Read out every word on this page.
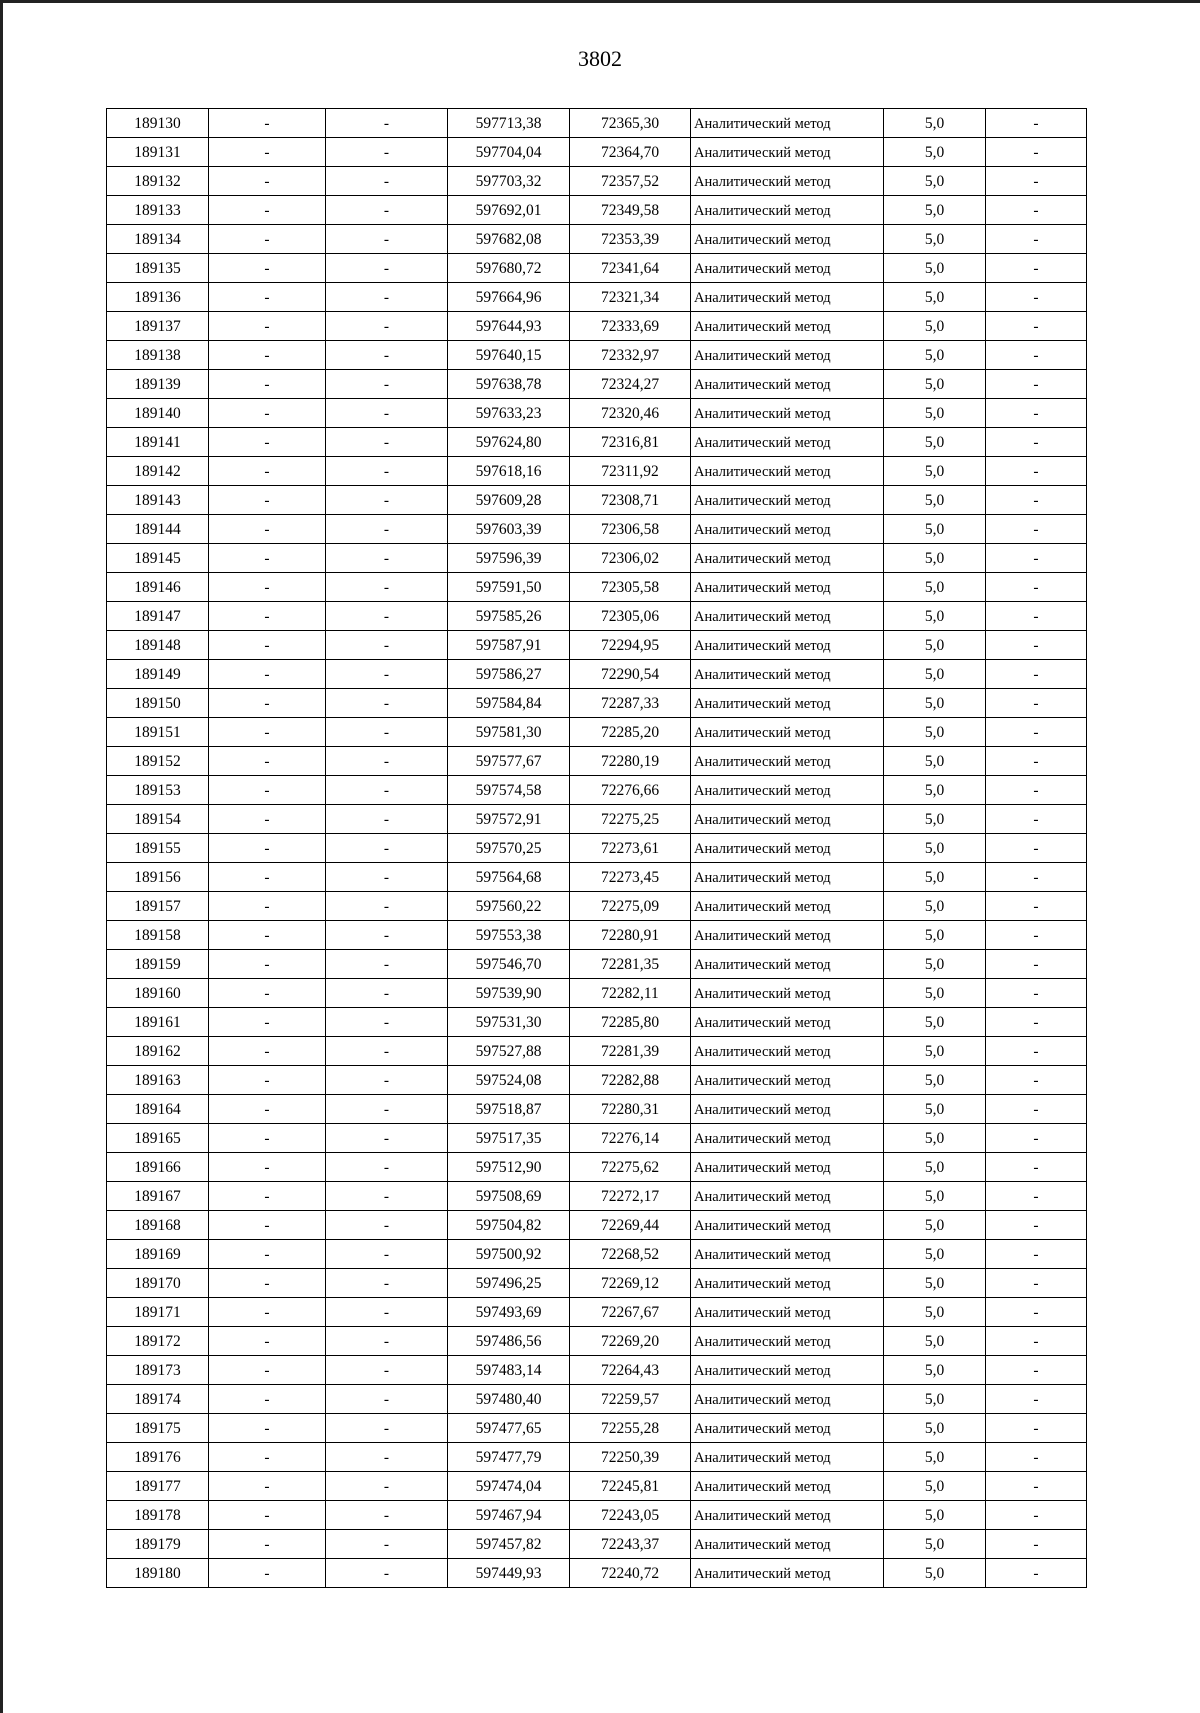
3802
189130	-	-	597713,38	72365,30	Аналитический метод	5,0	-
189131	-	-	597704,04	72364,70	Аналитический метод	5,0	-
189132	-	-	597703,32	72357,52	Аналитический метод	5,0	-
189133	-	-	597692,01	72349,58	Аналитический метод	5,0	-
189134	-	-	597682,08	72353,39	Аналитический метод	5,0	-
189135	-	-	597680,72	72341,64	Аналитический метод	5,0	-
189136	-	-	597664,96	72321,34	Аналитический метод	5,0	-
189137	-	-	597644,93	72333,69	Аналитический метод	5,0	-
189138	-	-	597640,15	72332,97	Аналитический метод	5,0	-
189139	-	-	597638,78	72324,27	Аналитический метод	5,0	-
189140	-	-	597633,23	72320,46	Аналитический метод	5,0	-
189141	-	-	597624,80	72316,81	Аналитический метод	5,0	-
189142	-	-	597618,16	72311,92	Аналитический метод	5,0	-
189143	-	-	597609,28	72308,71	Аналитический метод	5,0	-
189144	-	-	597603,39	72306,58	Аналитический метод	5,0	-
189145	-	-	597596,39	72306,02	Аналитический метод	5,0	-
189146	-	-	597591,50	72305,58	Аналитический метод	5,0	-
189147	-	-	597585,26	72305,06	Аналитический метод	5,0	-
189148	-	-	597587,91	72294,95	Аналитический метод	5,0	-
189149	-	-	597586,27	72290,54	Аналитический метод	5,0	-
189150	-	-	597584,84	72287,33	Аналитический метод	5,0	-
189151	-	-	597581,30	72285,20	Аналитический метод	5,0	-
189152	-	-	597577,67	72280,19	Аналитический метод	5,0	-
189153	-	-	597574,58	72276,66	Аналитический метод	5,0	-
189154	-	-	597572,91	72275,25	Аналитический метод	5,0	-
189155	-	-	597570,25	72273,61	Аналитический метод	5,0	-
189156	-	-	597564,68	72273,45	Аналитический метод	5,0	-
189157	-	-	597560,22	72275,09	Аналитический метод	5,0	-
189158	-	-	597553,38	72280,91	Аналитический метод	5,0	-
189159	-	-	597546,70	72281,35	Аналитический метод	5,0	-
189160	-	-	597539,90	72282,11	Аналитический метод	5,0	-
189161	-	-	597531,30	72285,80	Аналитический метод	5,0	-
189162	-	-	597527,88	72281,39	Аналитический метод	5,0	-
189163	-	-	597524,08	72282,88	Аналитический метод	5,0	-
189164	-	-	597518,87	72280,31	Аналитический метод	5,0	-
189165	-	-	597517,35	72276,14	Аналитический метод	5,0	-
189166	-	-	597512,90	72275,62	Аналитический метод	5,0	-
189167	-	-	597508,69	72272,17	Аналитический метод	5,0	-
189168	-	-	597504,82	72269,44	Аналитический метод	5,0	-
189169	-	-	597500,92	72268,52	Аналитический метод	5,0	-
189170	-	-	597496,25	72269,12	Аналитический метод	5,0	-
189171	-	-	597493,69	72267,67	Аналитический метод	5,0	-
189172	-	-	597486,56	72269,20	Аналитический метод	5,0	-
189173	-	-	597483,14	72264,43	Аналитический метод	5,0	-
189174	-	-	597480,40	72259,57	Аналитический метод	5,0	-
189175	-	-	597477,65	72255,28	Аналитический метод	5,0	-
189176	-	-	597477,79	72250,39	Аналитический метод	5,0	-
189177	-	-	597474,04	72245,81	Аналитический метод	5,0	-
189178	-	-	597467,94	72243,05	Аналитический метод	5,0	-
189179	-	-	597457,82	72243,37	Аналитический метод	5,0	-
189180	-	-	597449,93	72240,72	Аналитический метод	5,0	-
